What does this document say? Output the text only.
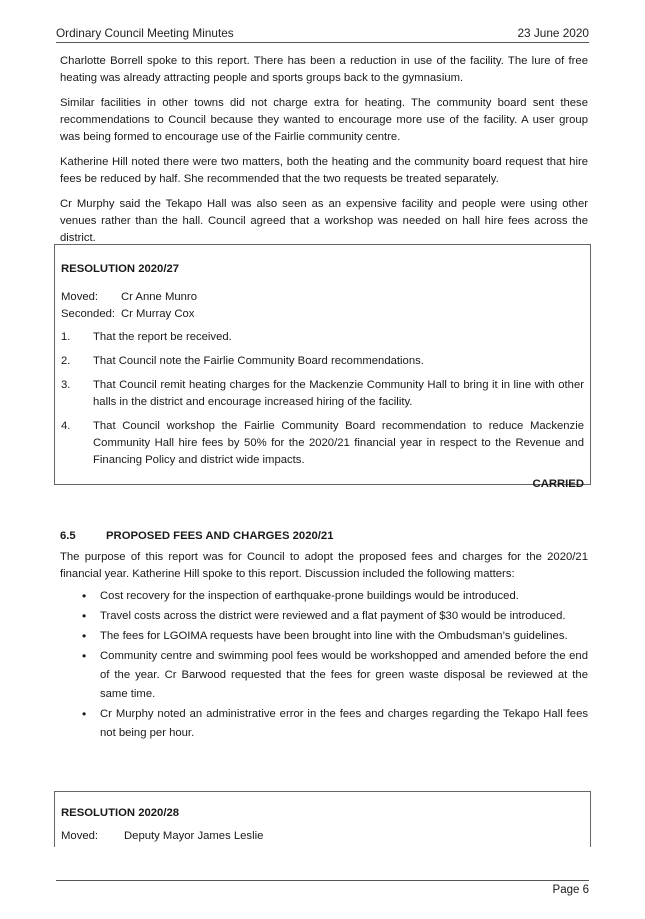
Ordinary Council Meeting Minutes	23 June 2020

Charlotte Borrell spoke to this report. There has been a reduction in use of the facility. The lure of free heating was already attracting people and sports groups back to the gymnasium.

Similar facilities in other towns did not charge extra for heating. The community board sent these recommendations to Council because they wanted to encourage more use of the facility. A user group was being formed to encourage use of the Fairlie community centre.

Katherine Hill noted there were two matters, both the heating and the community board request that hire fees be reduced by half. She recommended that the two requests be treated separately.

Cr Murphy said the Tekapo Hall was also seen as an expensive facility and people were using other venues rather than the hall. Council agreed that a workshop was needed on hall hire fees across the district.

RESOLUTION 2020/27
Moved:	Cr Anne Munro
Seconded: Cr Murray Cox
1.	That the report be received.
2.	That Council note the Fairlie Community Board recommendations.
3.	That Council remit heating charges for the Mackenzie Community Hall to bring it in line with other halls in the district and encourage increased hiring of the facility.
4.	That Council workshop the Fairlie Community Board recommendation to reduce Mackenzie Community Hall hire fees by 50% for the 2020/21 financial year in respect to the Revenue and Financing Policy and district wide impacts.
CARRIED
6.5	PROPOSED FEES AND CHARGES 2020/21

The purpose of this report was for Council to adopt the proposed fees and charges for the 2020/21 financial year. Katherine Hill spoke to this report. Discussion included the following matters:

•	Cost recovery for the inspection of earthquake-prone buildings would be introduced.
•	Travel costs across the district were reviewed and a flat payment of $30 would be introduced.
•	The fees for LGOIMA requests have been brought into line with the Ombudsman’s guidelines.
•	Community centre and swimming pool fees would be workshopped and amended before the end of the year. Cr Barwood requested that the fees for green waste disposal be reviewed at the same time.
•	Cr Murphy noted an administrative error in the fees and charges regarding the Tekapo Hall fees not being per hour.
RESOLUTION 2020/28
Moved:	Deputy Mayor James Leslie
Page 6
